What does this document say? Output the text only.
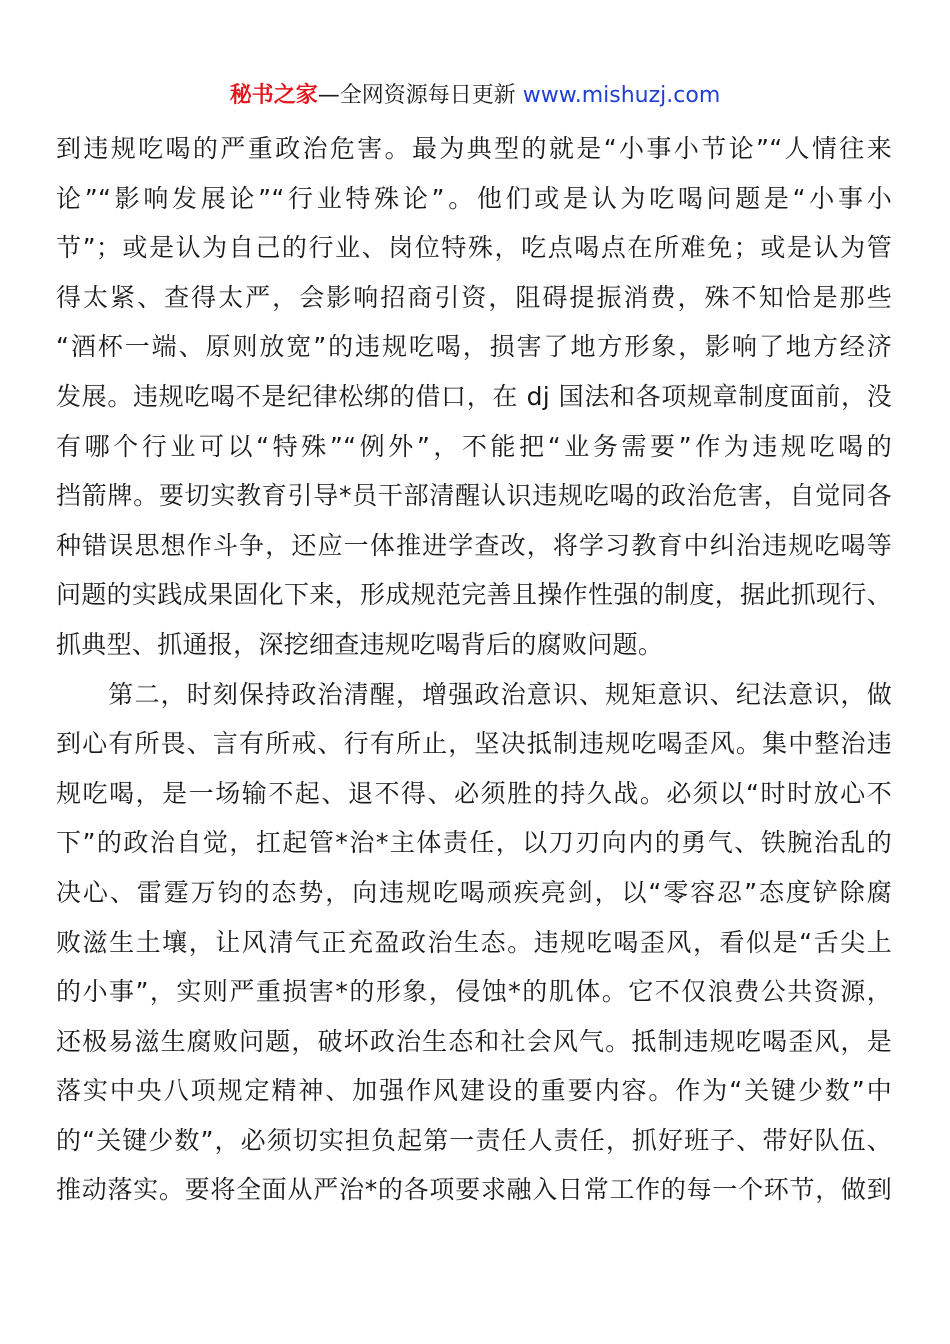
秘书之家—全网资源每日更新 www.mishuzj.com
到违规吃喝的严重政治危害。最为典型的就是“小事小节论”“人情往来
论”“影响发展论”“行业特殊论”。他们或是认为吃喝问题是“小事小
节”；或是认为自己的行业、岗位特殊，吃点喝点在所难免；或是认为管
得太紧、查得太严，会影响招商引资，阻碍提振消费，殊不知恰是那些
“酒杯一端、原则放宽”的违规吃喝，损害了地方形象，影响了地方经济
发展。违规吃喝不是纪律松绑的借口，在 dj 国法和各项规章制度面前，没
有哪个行业可以“特殊”“例外”，不能把“业务需要”作为违规吃喝的
挡箭牌。要切实教育引导*员干部清醒认识违规吃喝的政治危害，自觉同各
种错误思想作斗争，还应一体推进学查改，将学习教育中纠治违规吃喝等
问题的实践成果固化下来，形成规范完善且操作性强的制度，据此抓现行、
抓典型、抓通报，深挖细查违规吃喝背后的腐败问题。
　　第二，时刻保持政治清醒，增强政治意识、规矩意识、纪法意识，做
到心有所畏、言有所戒、行有所止，坚决抵制违规吃喝歪风。集中整治违
规吃喝，是一场输不起、退不得、必须胜的持久战。必须以“时时放心不
下”的政治自觉，扛起管*治*主体责任，以刀刃向内的勇气、铁腕治乱的
决心、雷霆万钧的态势，向违规吃喝顽疾亮剑，以“零容忍”态度铲除腐
败滋生土壤，让风清气正充盈政治生态。违规吃喝歪风，看似是“舌尖上
的小事”，实则严重损害*的形象，侵蚀*的肌体。它不仅浪费公共资源，
还极易滋生腐败问题，破坏政治生态和社会风气。抵制违规吃喝歪风，是
落实中央八项规定精神、加强作风建设的重要内容。作为“关键少数”中
的“关键少数”，必须切实担负起第一责任人责任，抓好班子、带好队伍、
推动落实。要将全面从严治*的各项要求融入日常工作的每一个环节，做到
